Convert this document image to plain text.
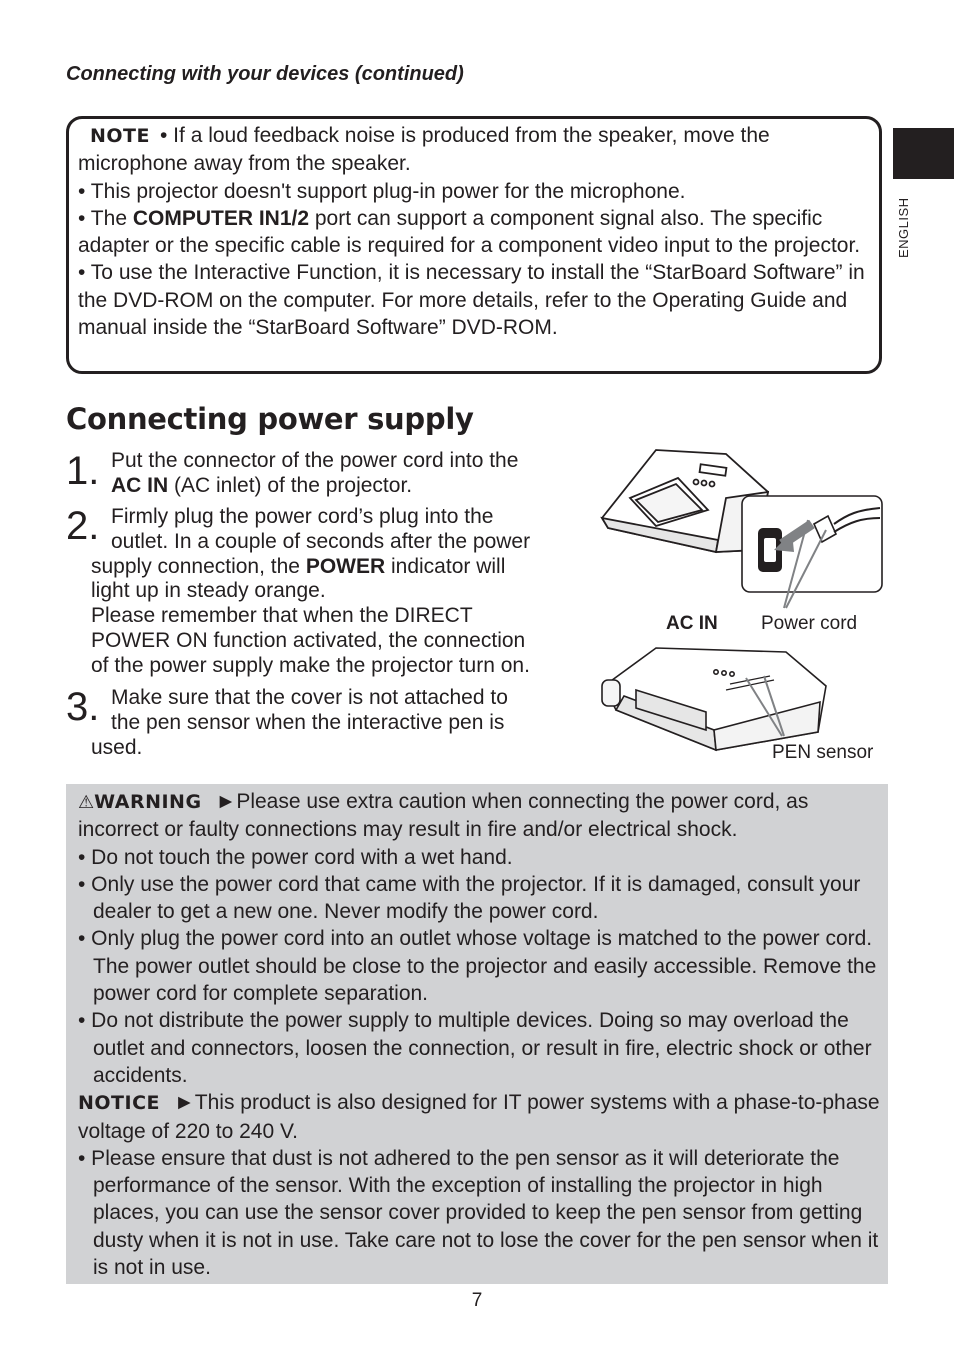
Connecting with your devices (continued)
ENGLISH

NOTE • If a loud feedback noise is produced from the speaker, move the microphone away from the speaker.

• This projector doesn't support plug-in power for the microphone.

• The COMPUTER IN1/2 port can support a component signal also. The specific adapter or the specific cable is required for a component video input to the projector.

• To use the Interactive Function, it is necessary to install the “StarBoard Software” in the DVD-ROM on the computer. For more details, refer to the Operating Guide and manual inside the “StarBoard Software” DVD-ROM.

Connecting power supply
1. Put the connector of the power cord into the
AC IN (AC inlet) of the projector.
2. Firmly plug the power cord’s plug into the
outlet. In a couple of seconds after the power
supply connection, the POWER indicator will
light up in steady orange.
Please remember that when the DIRECT
POWER ON function activated, the connection
of the power supply make the projector turn on.
3. Make sure that the cover is not attached to
the pen sensor when the interactive pen is
used.
AC IN Power cord
PEN sensor

⚠WARNING ►Please use extra caution when connecting the power cord, as incorrect or faulty connections may result in fire and/or electrical shock.

• Do not touch the power cord with a wet hand.

• Only use the power cord that came with the projector. If it is damaged, consult your dealer to get a new one. Never modify the power cord.

• Only plug the power cord into an outlet whose voltage is matched to the power cord. The power outlet should be close to the projector and easily accessible. Remove the power cord for complete separation.

• Do not distribute the power supply to multiple devices. Doing so may overload the outlet and connectors, loosen the connection, or result in fire, electric shock or other accidents.

NOTICE ►This product is also designed for IT power systems with a phase-to-phase voltage of 220 to 240 V.

• Please ensure that dust is not adhered to the pen sensor as it will deteriorate the performance of the sensor. With the exception of installing the projector in high places, you can use the sensor cover provided to keep the pen sensor from getting dusty when it is not in use. Take care not to lose the cover for the pen sensor when it is not in use.

7
